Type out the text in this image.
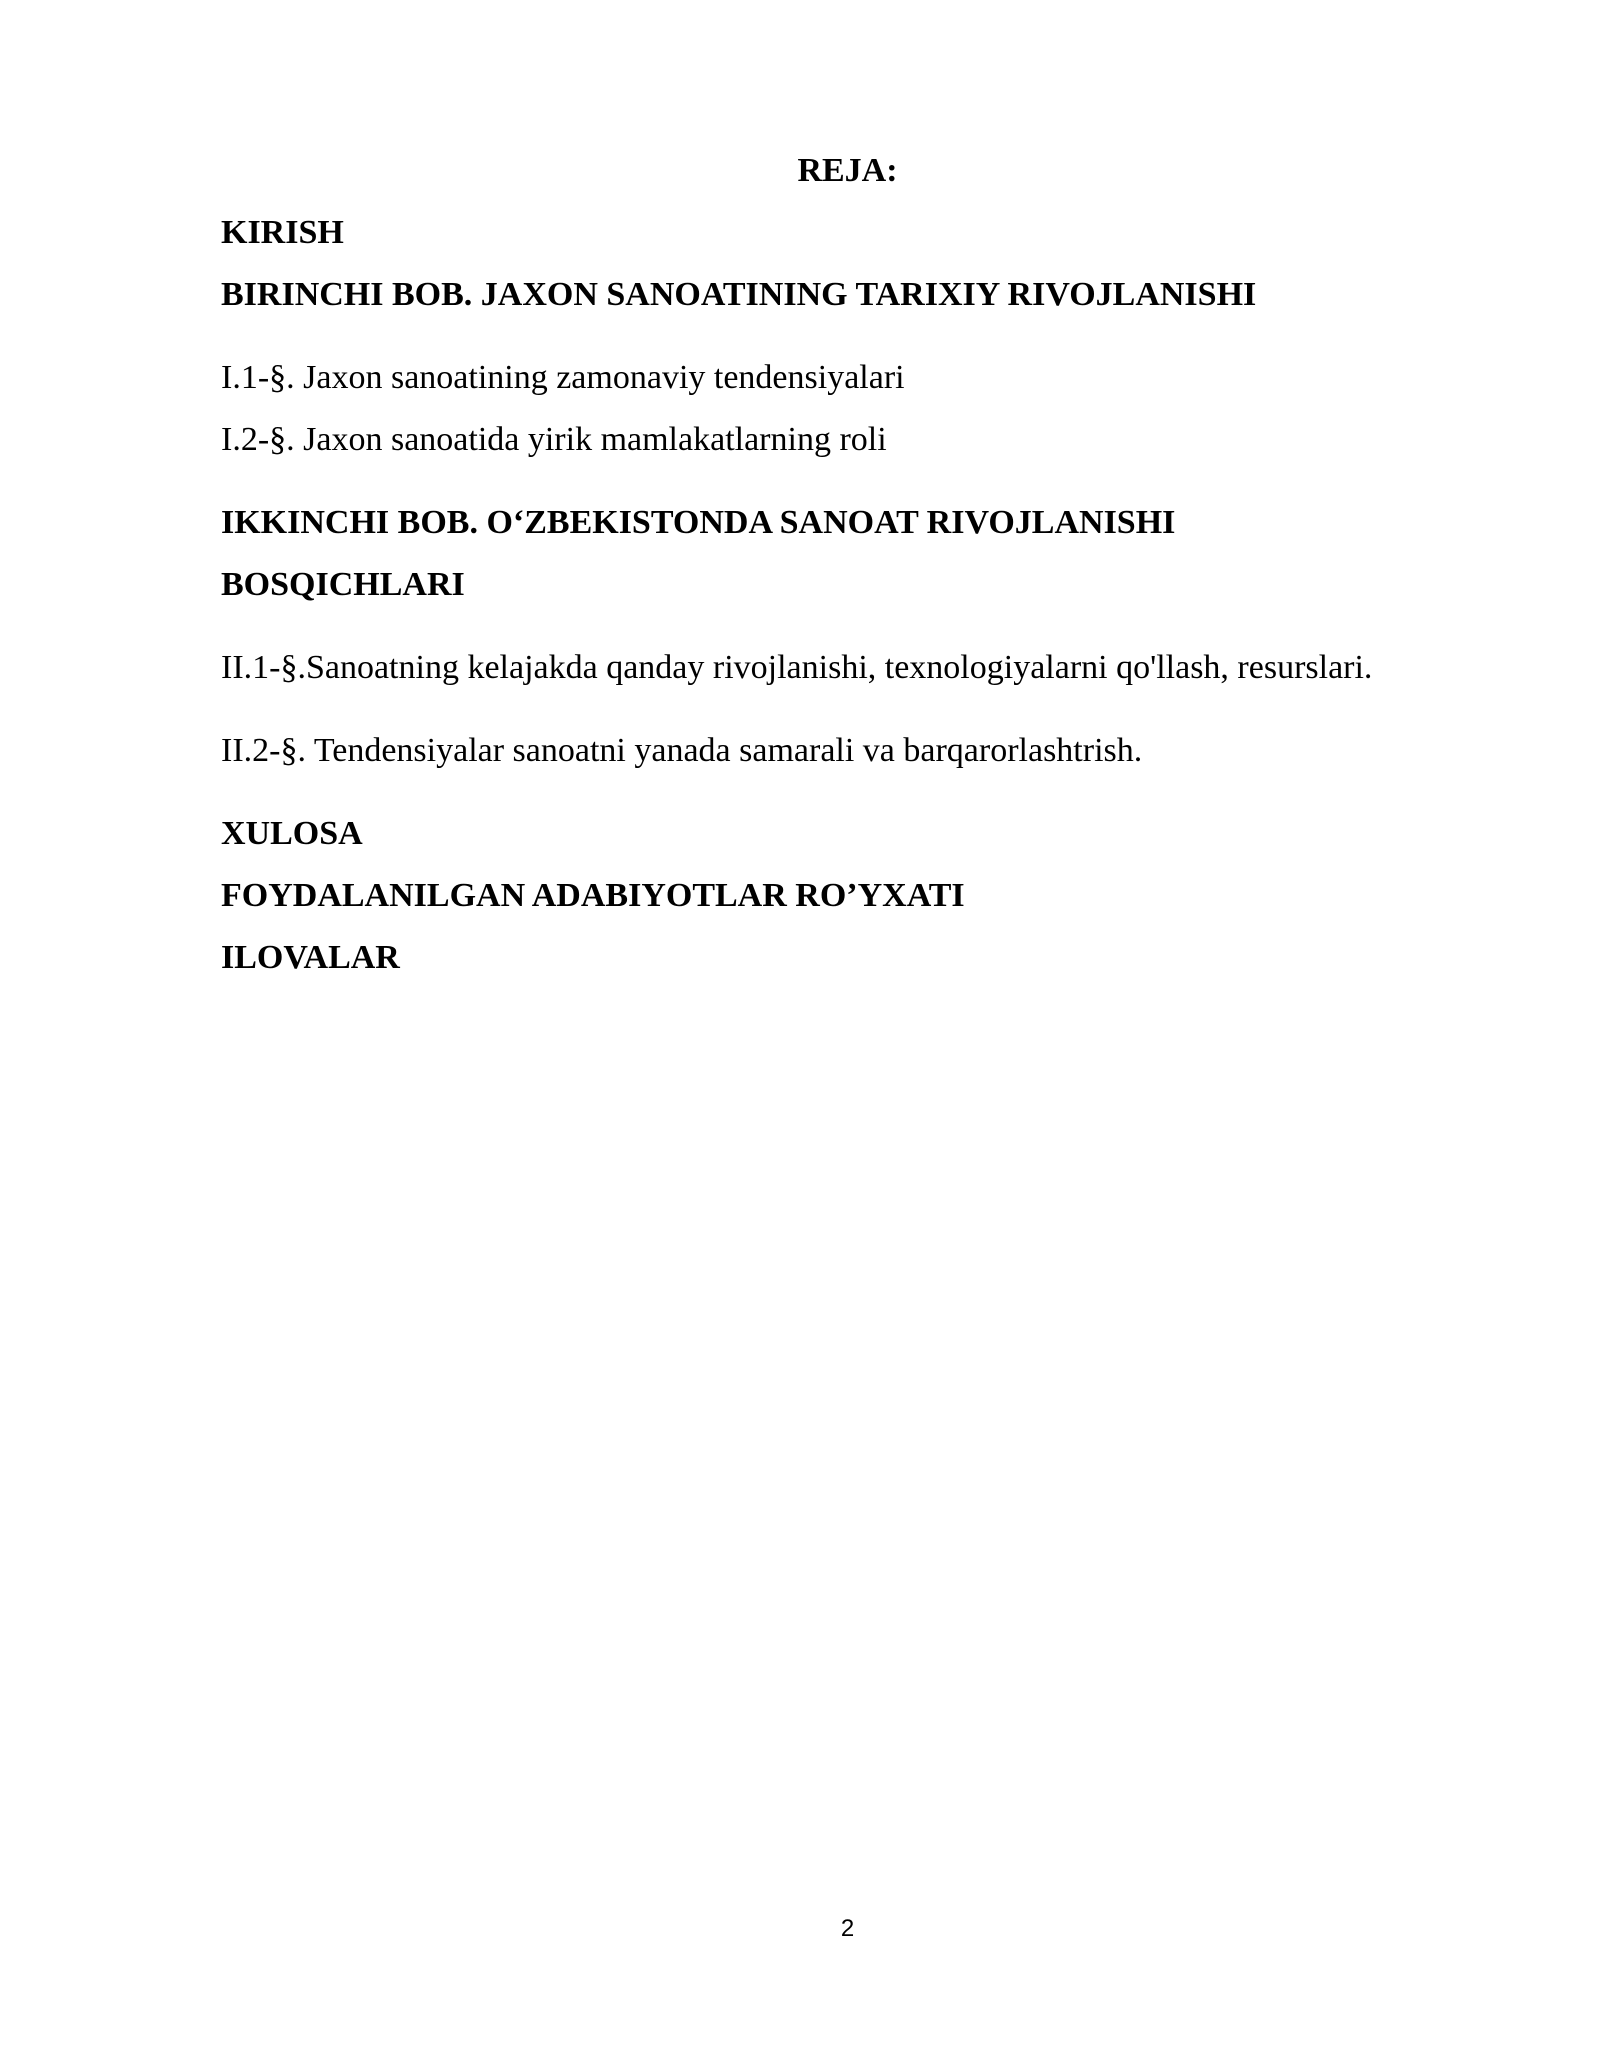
REJA:
KIRISH
BIRINCHI BOB. JAXON SANOATINING TARIXIY RIVOJLANISHI
I.1-§. Jaxon sanoatining zamonaviy tendensiyalari
I.2-§. Jaxon sanoatida yirik mamlakatlarning roli
IKKINCHI BOB. O‘ZBEKISTONDA SANOAT RIVOJLANISHI
BOSQICHLARI
II.1-§.Sanoatning kelajakda qanday rivojlanishi, texnologiyalarni qo'llash, resurslari.
II.2-§. Tendensiyalar sanoatni yanada samarali va barqarorlashtrish.
XULOSA
FOYDALANILGAN ADABIYOTLAR RO’YXATI
ILOVALAR
2
